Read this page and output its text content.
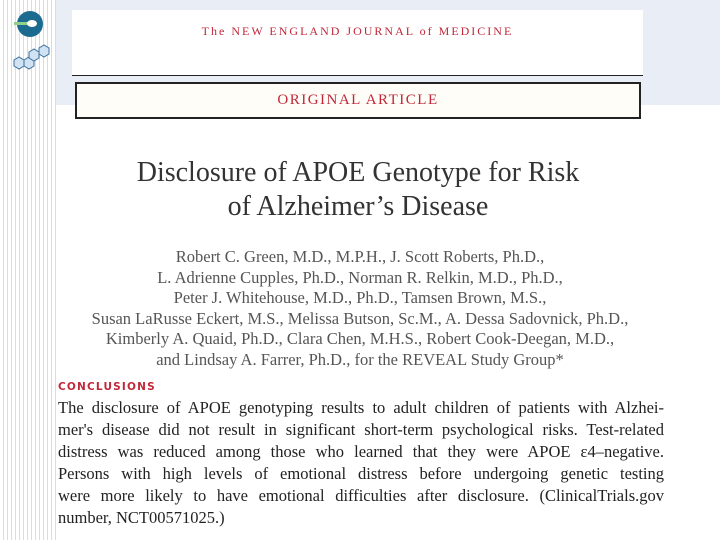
The NEW ENGLAND JOURNAL of MEDICINE
ORIGINAL ARTICLE
Disclosure of APOE Genotype for Risk
of Alzheimer’s Disease
Robert C. Green, M.D., M.P.H., J. Scott Roberts, Ph.D.,
L. Adrienne Cupples, Ph.D., Norman R. Relkin, M.D., Ph.D.,
Peter J. Whitehouse, M.D., Ph.D., Tamsen Brown, M.S.,
Susan LaRusse Eckert, M.S., Melissa Butson, Sc.M., A. Dessa Sadovnick, Ph.D.,
Kimberly A. Quaid, Ph.D., Clara Chen, M.H.S., Robert Cook-Deegan, M.D.,
and Lindsay A. Farrer, Ph.D., for the REVEAL Study Group*
CONCLUSIONS
The disclosure of APOE genotyping results to adult children of patients with Alzhei-
mer's disease did not result in significant short-term psychological risks. Test-related
distress was reduced among those who learned that they were APOE ε4–negative.
Persons with high levels of emotional distress before undergoing genetic testing
were more likely to have emotional difficulties after disclosure. (ClinicalTrials.gov
number, NCT00571025.)
